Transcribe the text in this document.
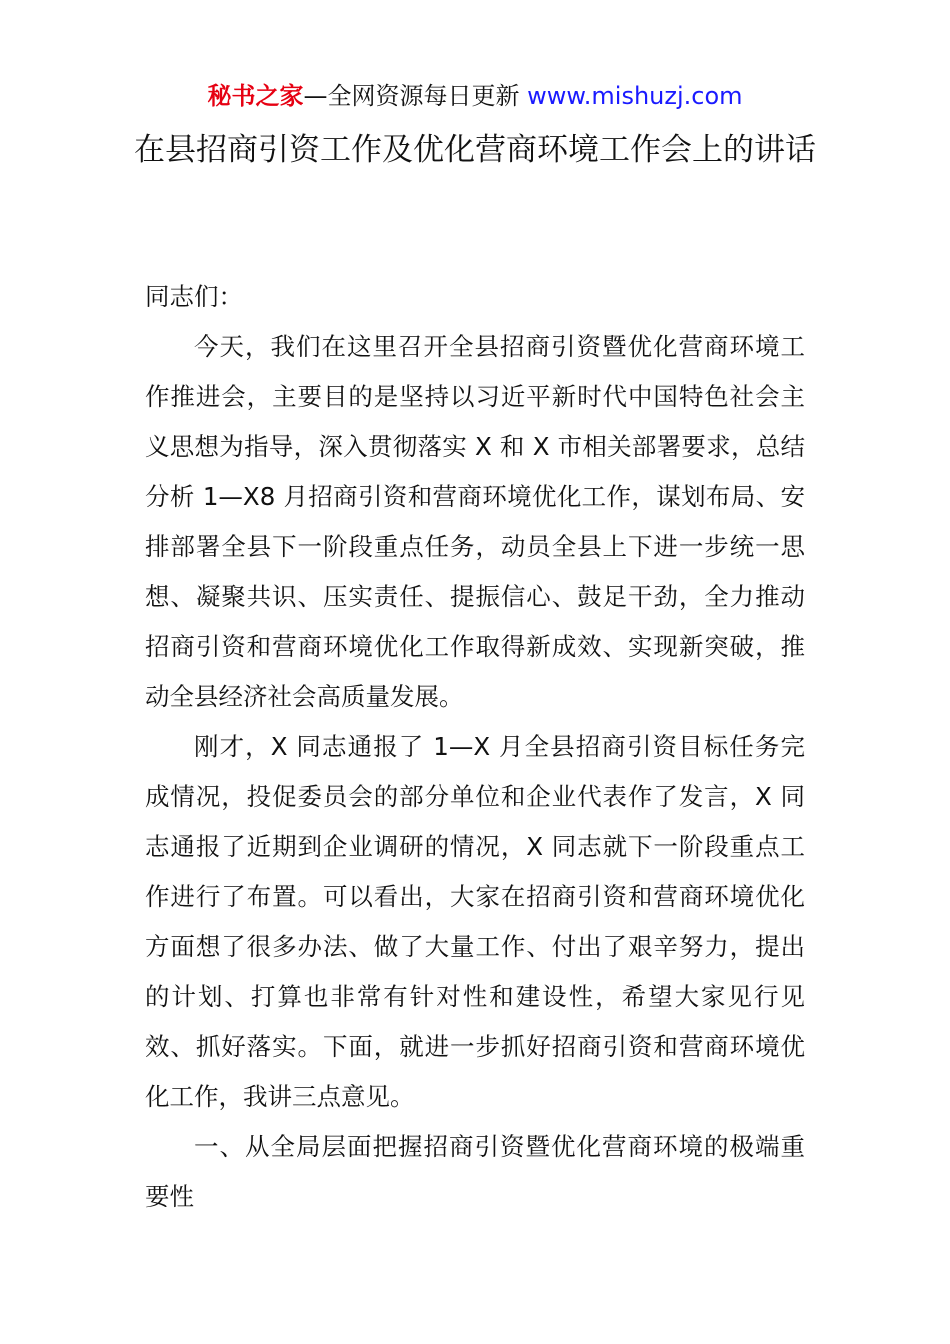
秘书之家—全网资源每日更新 www.mishuzj.com
在县招商引资工作及优化营商环境工作会上的讲话

同志们：

今天，我们在这里召开全县招商引资暨优化营商环境工作推进会，主要目的是坚持以习近平新时代中国特色社会主义思想为指导，深入贯彻落实 X 和 X 市相关部署要求，总结分析 1—X8 月招商引资和营商环境优化工作，谋划布局、安排部署全县下一阶段重点任务，动员全县上下进一步统一思想、凝聚共识、压实责任、提振信心、鼓足干劲，全力推动招商引资和营商环境优化工作取得新成效、实现新突破，推动全县经济社会高质量发展。

刚才，X 同志通报了 1—X 月全县招商引资目标任务完成情况，投促委员会的部分单位和企业代表作了发言，X 同志通报了近期到企业调研的情况，X 同志就下一阶段重点工作进行了布置。可以看出，大家在招商引资和营商环境优化方面想了很多办法、做了大量工作、付出了艰辛努力，提出的计划、打算也非常有针对性和建设性，希望大家见行见效、抓好落实。下面，就进一步抓好招商引资和营商环境优化工作，我讲三点意见。

一、从全局层面把握招商引资暨优化营商环境的极端重要性
